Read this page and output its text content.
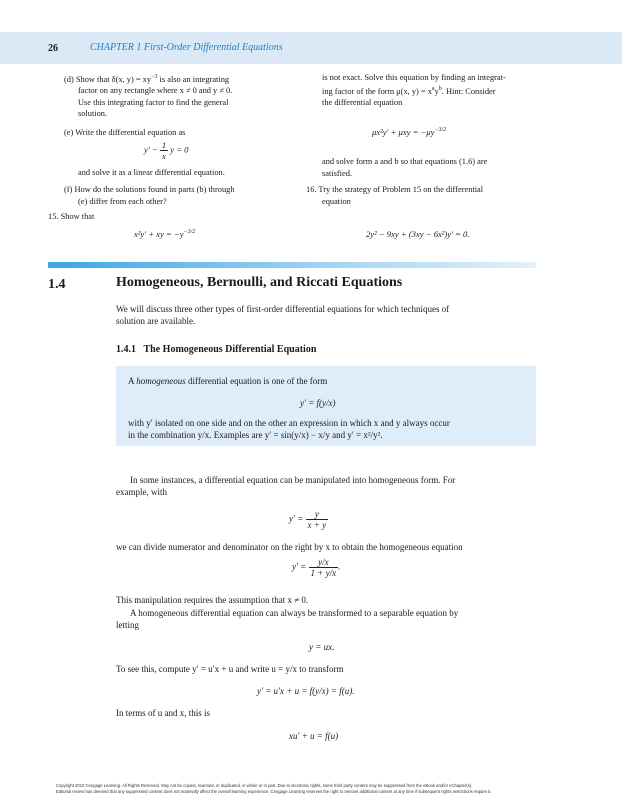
26	CHAPTER 1 First-Order Differential Equations
(d) Show that δ(x, $y) = xy^{-3}$ is also an integrating
factor on any rectangle where x ≠ 0 and y ≠ 0.
Use this integrating factor to find the general
solution.
(e) Write the differential equation as
$y' - \frac{1}{x}$ y = 0
and solve it as a linear differential equation.
(f) How do the solutions found in parts (b) through
(e) differ from each other?
15. Show that
x²y′ + xy = $-y^{-3/2}$
is not exact. Solve this equation by finding an integrat-
ing factor of the form μ(x, $y) = x^ay^b$. Hint: Consider
the differential equation
$\mu x^2y' + \mu xy = -\mu y^{-3/2}$
and solve form a and b so that equations (1.6) are
satisfied.
16. Try the strategy of Problem 15 on the differential
equation
2y² − 9xy + (3xy − 6x²)y′ = 0.
1.4	Homogeneous, Bernoulli, and Riccati Equations
We will discuss three other types of first-order differential equations for which techniques of
solution are available.
1.4.1 The Homogeneous Differential Equation
A homogeneous differential equation is one of the form
y′ = f(y/x)
with y′ isolated on one side and on the other an expression in which x and y always occur
in the combination y/x. Examples are y′ = sin(y/x) − x/y and y′ = x²/y².
In some instances, a differential equation can be manipulated into homogeneous form. For
example, with
$y' = \frac{y}{x + y}$
we can divide numerator and denominator on the right by x to obtain the homogeneous equation
$y' = \frac{y/x}{1 + y/x}$ .
This manipulation requires the assumption that x ≠ 0.
A homogeneous differential equation can always be transformed to a separable equation by
letting
y = ux.
To see this, compute y′ = u′x + u and write u = y/x to transform
y′ = u′x + u = f(y/x) = f(u).
In terms of u and x, this is
xu′ + u = f(u)
Copyright 2010 Cengage Learning. All Rights Reserved. May not be copied, scanned, or duplicated, in whole or in part. Due to electronic rights, some third party content may be suppressed from the eBook and/or eChapter(s).
Editorial review has deemed that any suppressed content does not materially affect the overall learning experience. Cengage Learning reserves the right to remove additional content at any time if subsequent rights restrictions require it.
